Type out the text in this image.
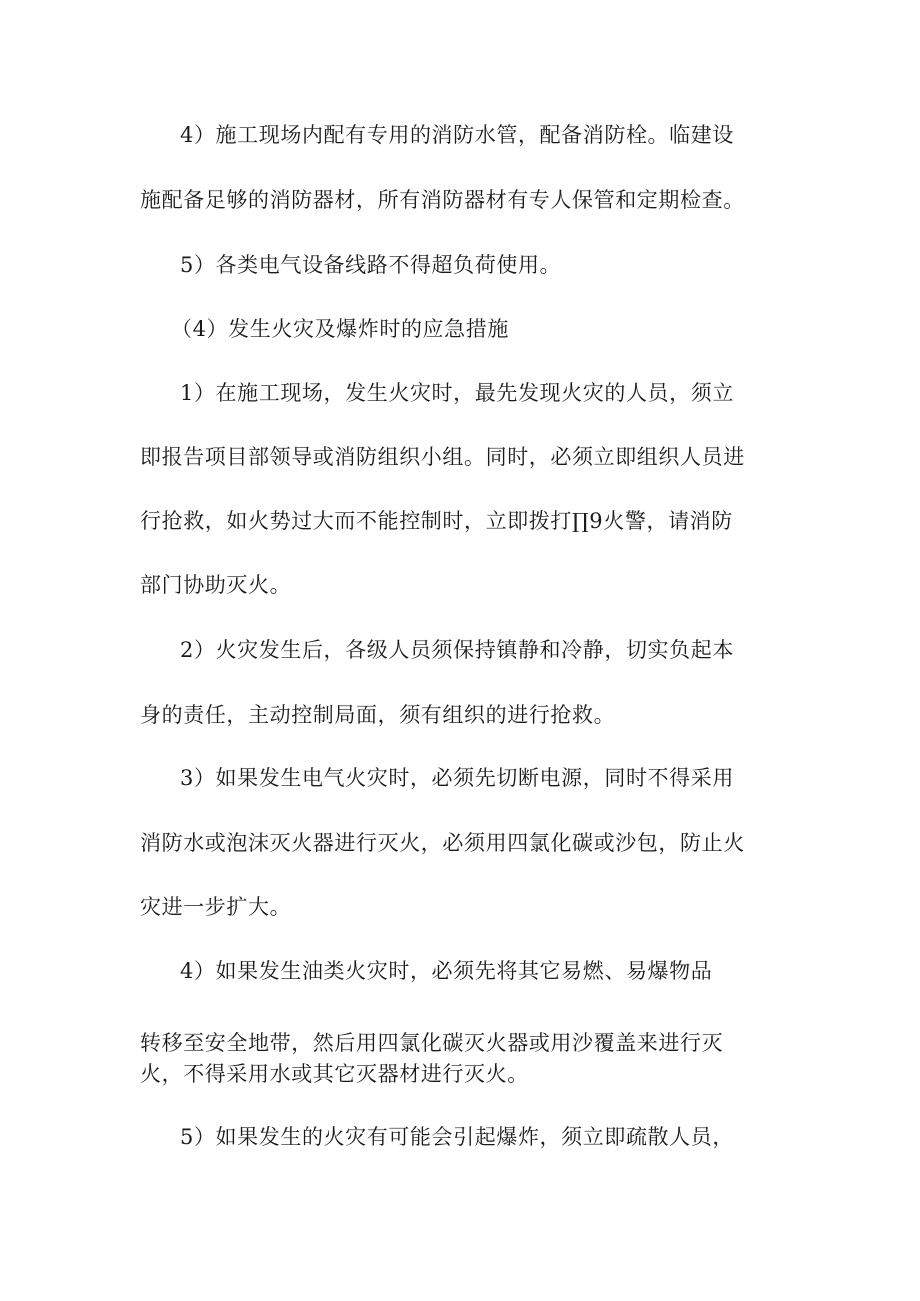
4）施工现场内配有专用的消防水管，配备消防栓。临建设
施配备足够的消防器材，所有消防器材有专人保管和定期检查。
5）各类电气设备线路不得超负荷使用。
（4）发生火灾及爆炸时的应急措施
1）在施工现场，发生火灾时，最先发现火灾的人员，须立
即报告项目部领导或消防组织小组。同时，必须立即组织人员进
行抢救，如火势过大而不能控制时，立即拨打∏9火警，请消防
部门协助灭火。
2）火灾发生后，各级人员须保持镇静和冷静，切实负起本
身的责任，主动控制局面，须有组织的进行抢救。
3）如果发生电气火灾时，必须先切断电源，同时不得采用
消防水或泡沫灭火器进行灭火，必须用四氯化碳或沙包，防止火
灾进一步扩大。
4）如果发生油类火灾时，必须先将其它易燃、易爆物品
转移至安全地带，然后用四氯化碳灭火器或用沙覆盖来进行灭
火，不得采用水或其它灭器材进行灭火。
5）如果发生的火灾有可能会引起爆炸，须立即疏散人员，
